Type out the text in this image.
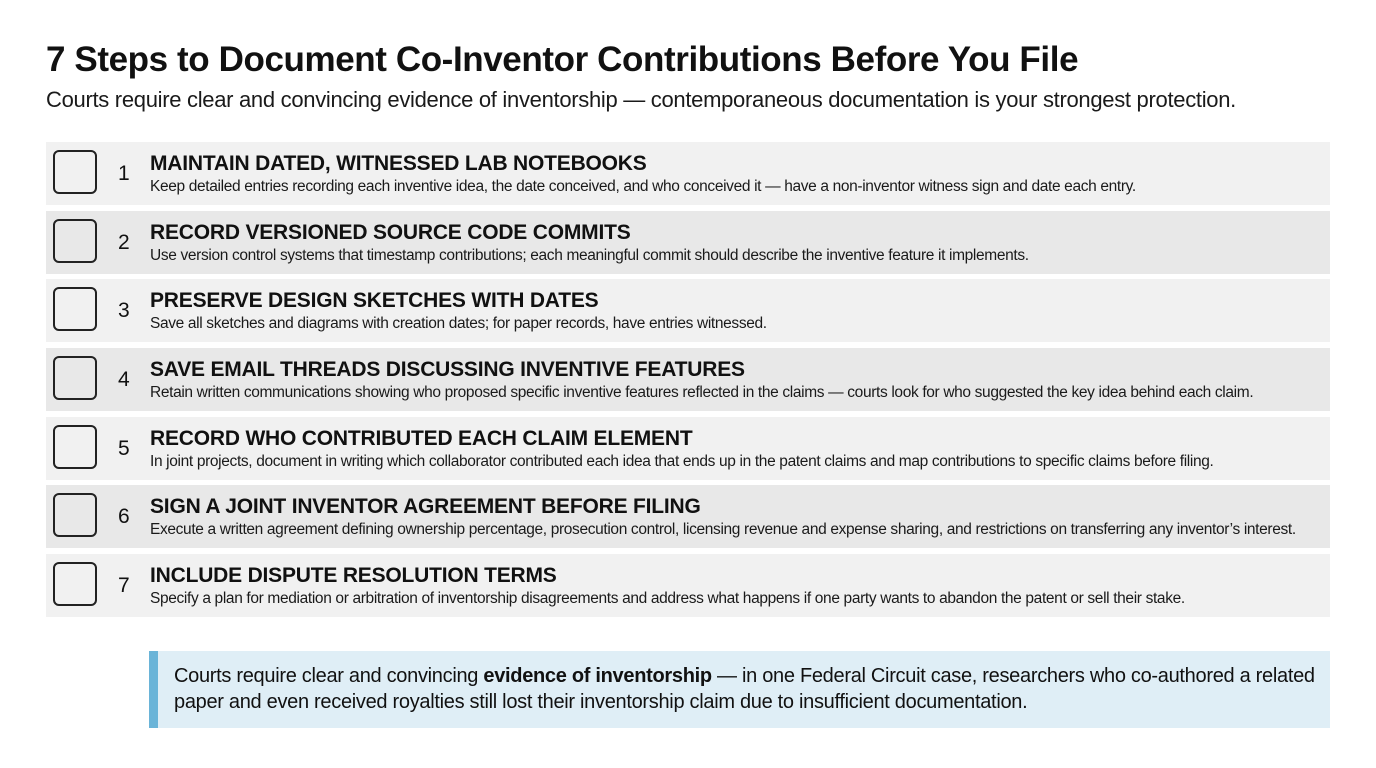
7 Steps to Document Co-Inventor Contributions Before You File
Courts require clear and convincing evidence of inventorship — contemporaneous documentation is your strongest protection.
1 MAINTAIN DATED, WITNESSED LAB NOTEBOOKS
Keep detailed entries recording each inventive idea, the date conceived, and who conceived it — have a non-inventor witness sign and date each entry.
2 RECORD VERSIONED SOURCE CODE COMMITS
Use version control systems that timestamp contributions; each meaningful commit should describe the inventive feature it implements.
3 PRESERVE DESIGN SKETCHES WITH DATES
Save all sketches and diagrams with creation dates; for paper records, have entries witnessed.
4 SAVE EMAIL THREADS DISCUSSING INVENTIVE FEATURES
Retain written communications showing who proposed specific inventive features reflected in the claims — courts look for who suggested the key idea behind each claim.
5 RECORD WHO CONTRIBUTED EACH CLAIM ELEMENT
In joint projects, document in writing which collaborator contributed each idea that ends up in the patent claims and map contributions to specific claims before filing.
6 SIGN A JOINT INVENTOR AGREEMENT BEFORE FILING
Execute a written agreement defining ownership percentage, prosecution control, licensing revenue and expense sharing, and restrictions on transferring any inventor’s interest.
7 INCLUDE DISPUTE RESOLUTION TERMS
Specify a plan for mediation or arbitration of inventorship disagreements and address what happens if one party wants to abandon the patent or sell their stake.
Courts require clear and convincing evidence of inventorship — in one Federal Circuit case, researchers who co-authored a related paper and even received royalties still lost their inventorship claim due to insufficient documentation.
